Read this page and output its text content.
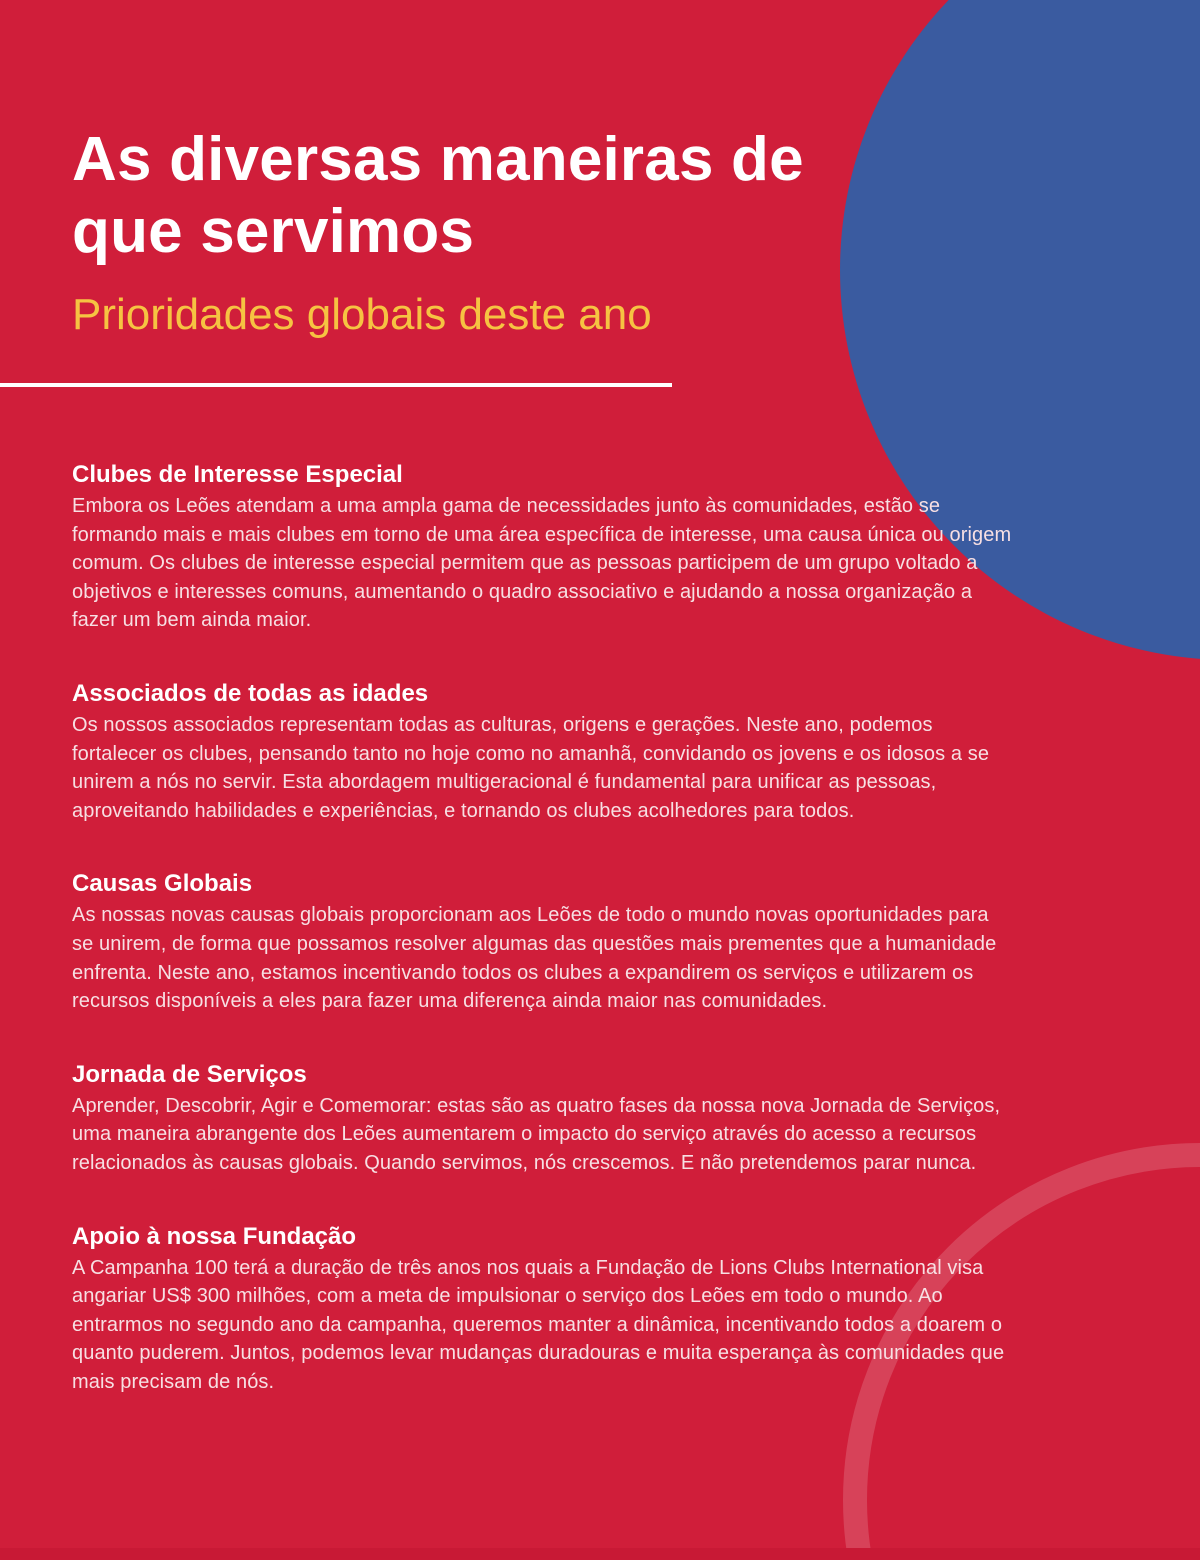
As diversas maneiras de que servimos
Prioridades globais deste ano
Clubes de Interesse Especial

Embora os Leões atendam a uma ampla gama de necessidades junto às comunidades, estão se formando mais e mais clubes em torno de uma área específica de interesse, uma causa única ou origem comum. Os clubes de interesse especial permitem que as pessoas participem de um grupo voltado a objetivos e interesses comuns, aumentando o quadro associativo e ajudando a nossa organização a fazer um bem ainda maior.

Associados de todas as idades

Os nossos associados representam todas as culturas, origens e gerações. Neste ano, podemos fortalecer os clubes, pensando tanto no hoje como no amanhã, convidando os jovens e os idosos a se unirem a nós no servir. Esta abordagem multigeracional é fundamental para unificar as pessoas, aproveitando habilidades e experiências, e tornando os clubes acolhedores para todos.

Causas Globais

As nossas novas causas globais proporcionam aos Leões de todo o mundo novas oportunidades para se unirem, de forma que possamos resolver algumas das questões mais prementes que a humanidade enfrenta. Neste ano, estamos incentivando todos os clubes a expandirem os serviços e utilizarem os recursos disponíveis a eles para fazer uma diferença ainda maior nas comunidades.

Jornada de Serviços

Aprender, Descobrir, Agir e Comemorar: estas são as quatro fases da nossa nova Jornada de Serviços, uma maneira abrangente dos Leões aumentarem o impacto do serviço através do acesso a recursos relacionados às causas globais. Quando servimos, nós crescemos. E não pretendemos parar nunca.

Apoio à nossa Fundação

A Campanha 100 terá a duração de três anos nos quais a Fundação de Lions Clubs International visa angariar US$ 300 milhões, com a meta de impulsionar o serviço dos Leões em todo o mundo. Ao entrarmos no segundo ano da campanha, queremos manter a dinâmica, incentivando todos a doarem o quanto puderem. Juntos, podemos levar mudanças duradouras e muita esperança às comunidades que mais precisam de nós.
